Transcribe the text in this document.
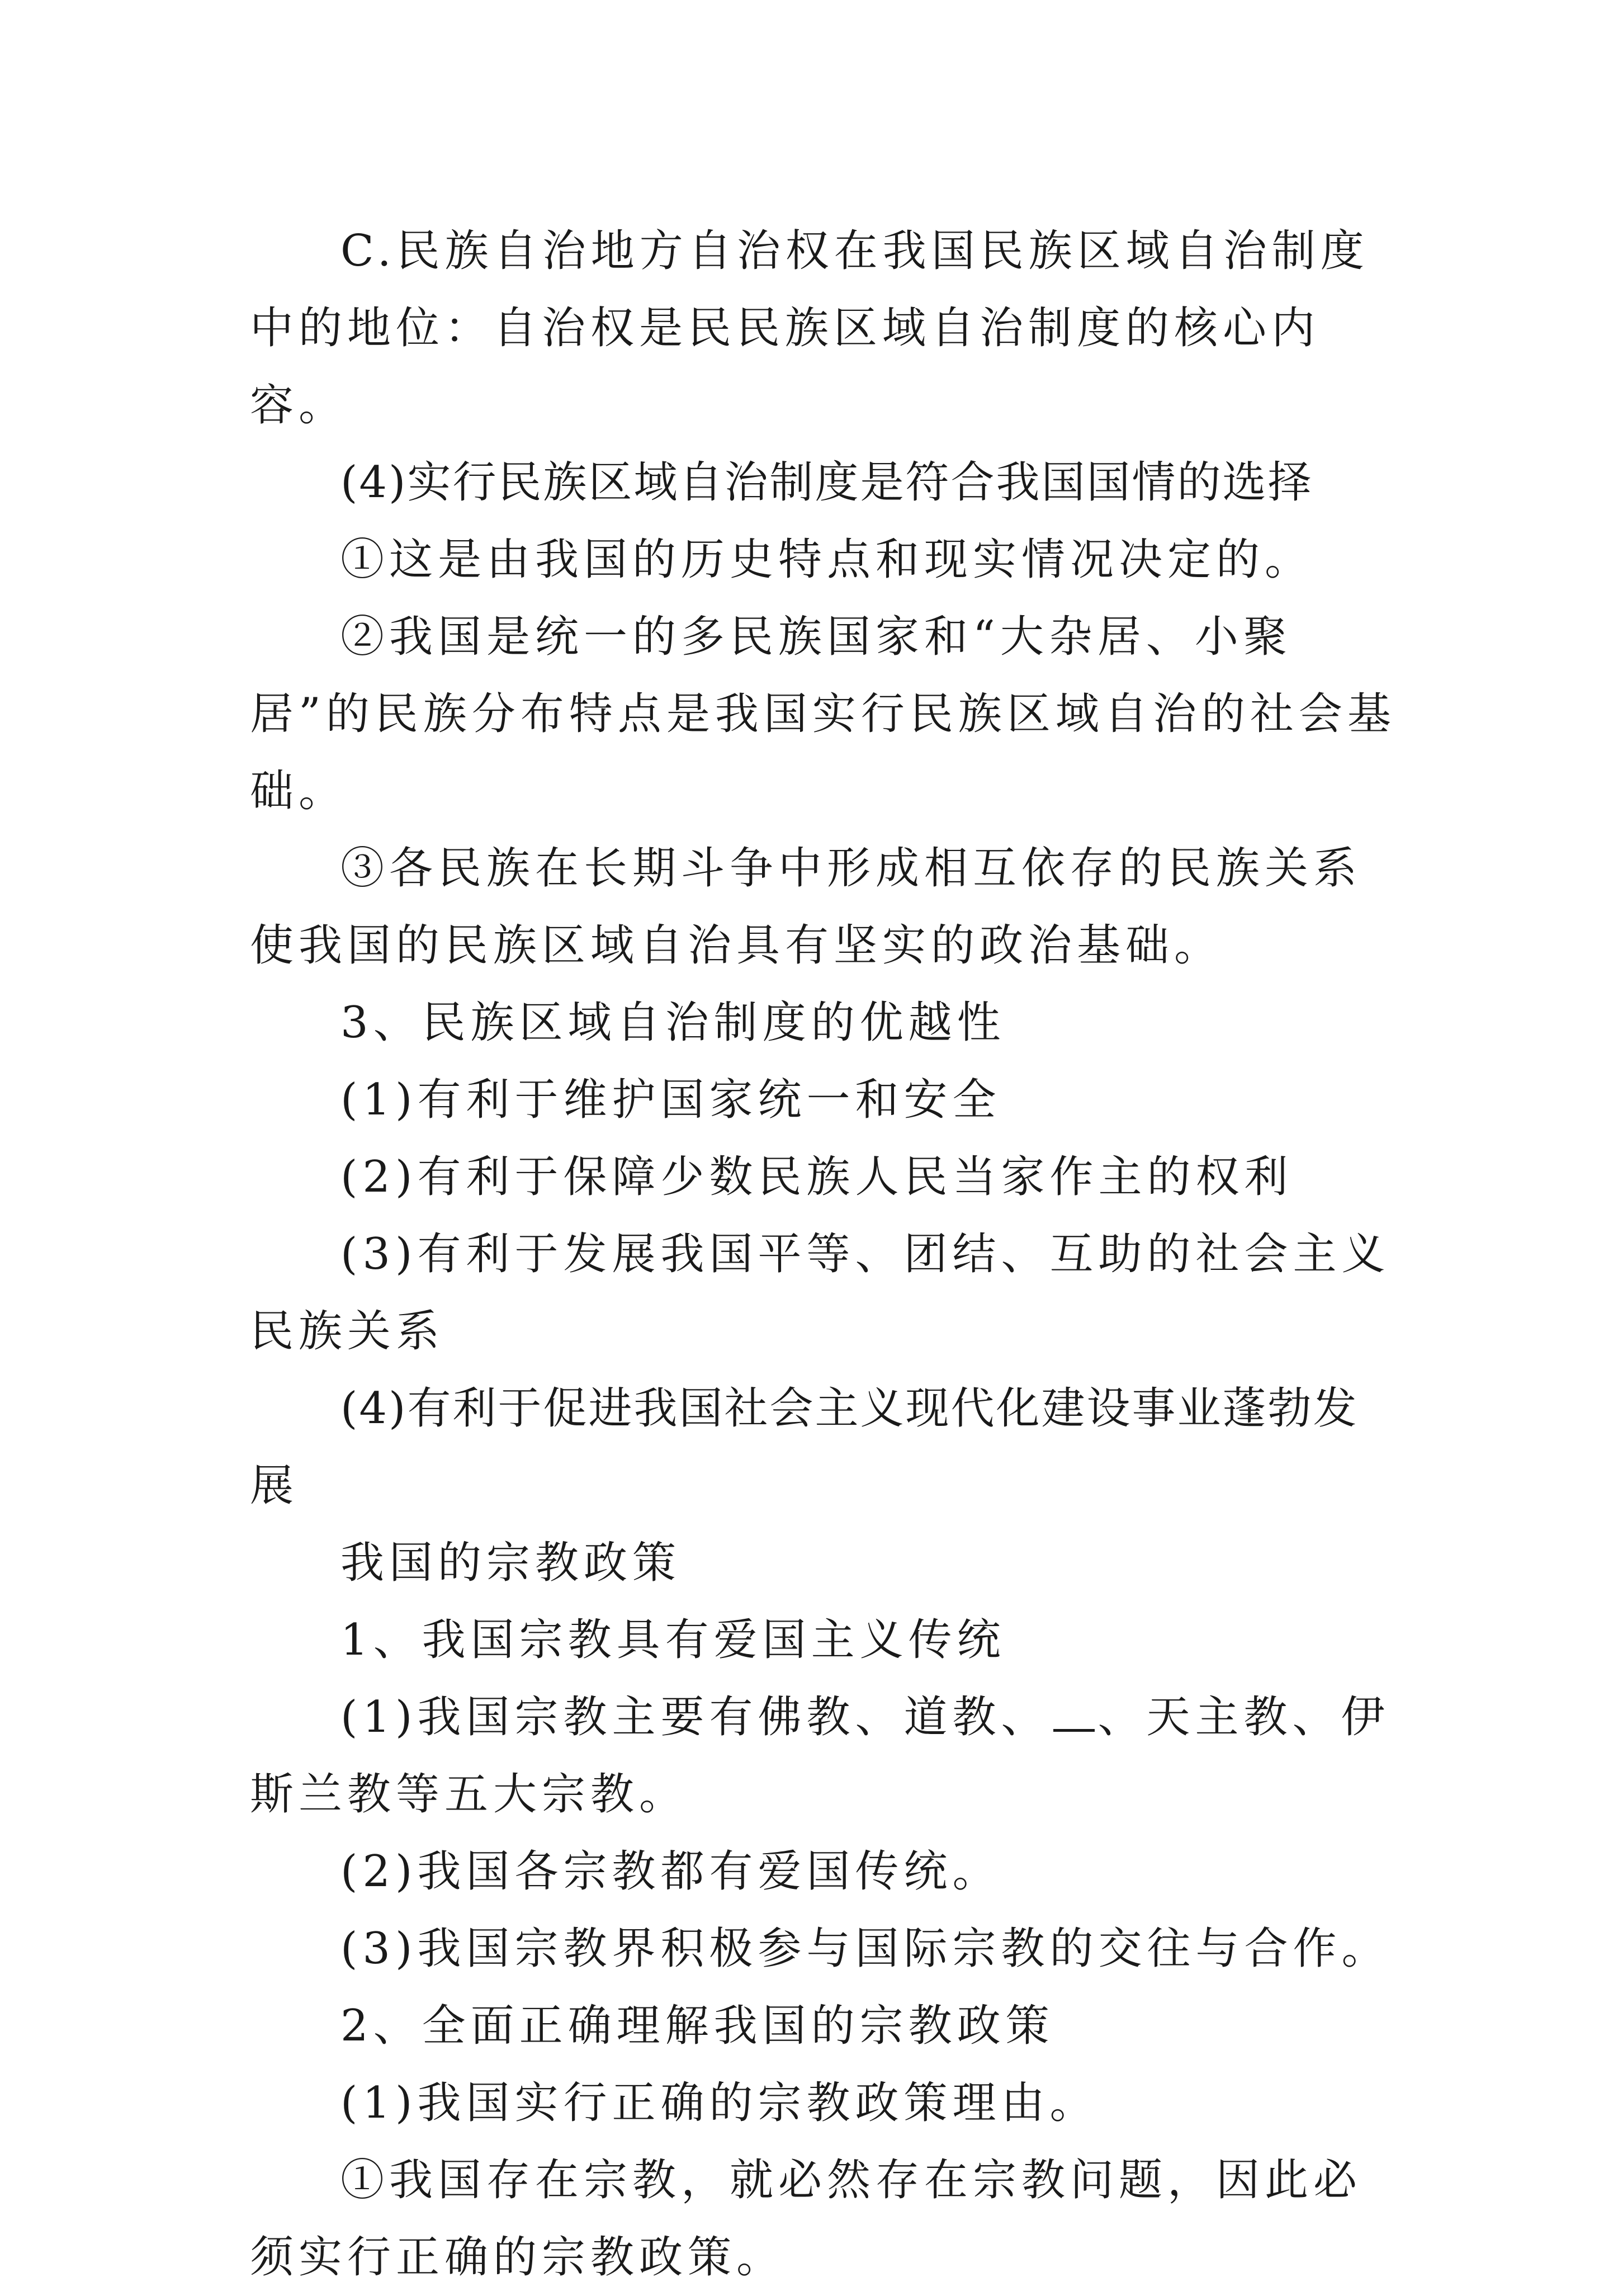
C.民族自治地方自治权在我国民族区域自治制度中的地位：自治权是民民族区域自治制度的核心内容。

(4)实行民族区域自治制度是符合我国国情的选择

①这是由我国的历史特点和现实情况决定的。

②我国是统一的多民族国家和“大杂居、小聚居”的民族分布特点是我国实行民族区域自治的社会基础。

③各民族在长期斗争中形成相互依存的民族关系使我国的民族区域自治具有坚实的政治基础。

3、民族区域自治制度的优越性

(1)有利于维护国家统一和安全

(2)有利于保障少数民族人民当家作主的权利

(3)有利于发展我国平等、团结、互助的社会主义民族关系

(4)有利于促进我国社会主义现代化建设事业蓬勃发展

我国的宗教政策

1、我国宗教具有爱国主义传统

(1)我国宗教主要有佛教、道教、 、天主教、伊斯兰教等五大宗教。

(2)我国各宗教都有爱国传统。

(3)我国宗教界积极参与国际宗教的交往与合作。

2、全面正确理解我国的宗教政策

(1)我国实行正确的宗教政策理由。

①我国存在宗教，就必然存在宗教问题，因此必须实行正确的宗教政策。
